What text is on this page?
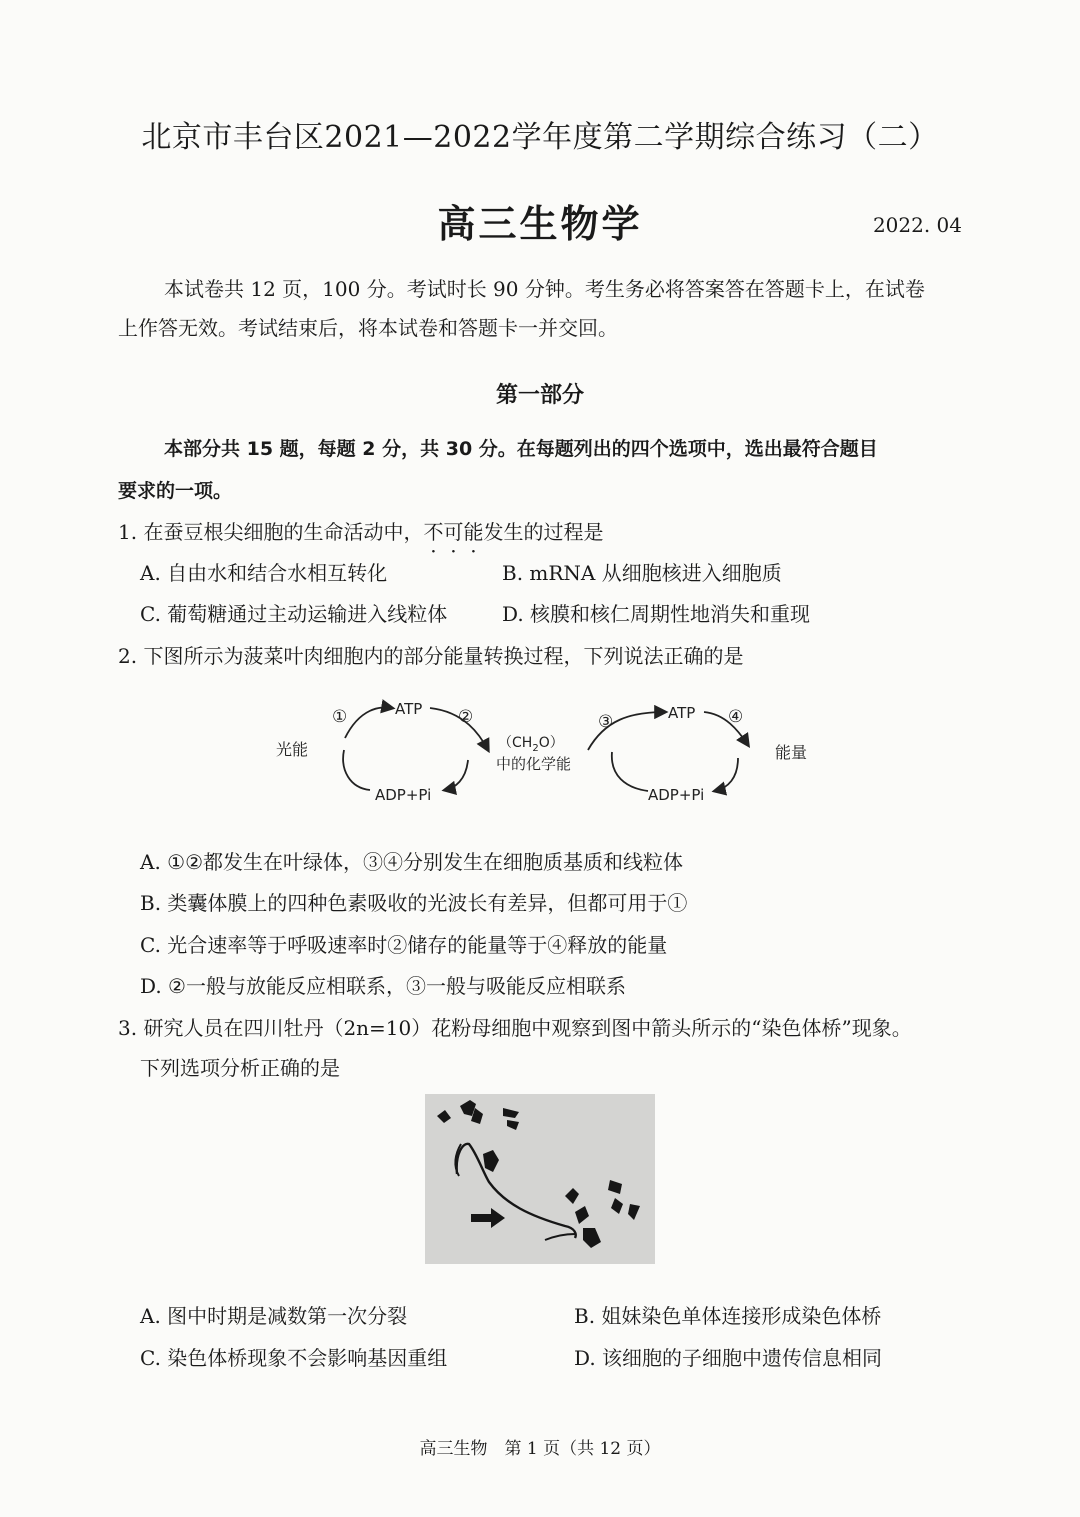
北京市丰台区2021—2022学年度第二学期综合练习（二）
高三生物学	2022. 04
本试卷共 12 页，100 分。考试时长 90 分钟。考生务必将答案答在答题卡上，在试卷
上作答无效。考试结束后，将本试卷和答题卡一并交回。
第一部分
本部分共 15 题，每题 2 分，共 30 分。在每题列出的四个选项中，选出最符合题目
要求的一项。
1. 在蚕豆根尖细胞的生命活动中，不可能发生的过程是
A. 自由水和结合水相互转化	B. mRNA 从细胞核进入细胞质
C. 葡萄糖通过主动运输进入线粒体	D. 核膜和核仁周期性地消失和重现
2. 下图所示为菠菜叶肉细胞内的部分能量转换过程，下列说法正确的是
光能
ATP
ADP+Pi
①	②
$(CH_2O)$
中的化学能
③	ATP ④
ADP+Pi
能量
A. ①②都发生在叶绿体，③④分别发生在细胞质基质和线粒体
B. 类囊体膜上的四种色素吸收的光波长有差异，但都可用于①
C. 光合速率等于呼吸速率时②储存的能量等于④释放的能量
D. ②一般与放能反应相联系，③一般与吸能反应相联系
3. 研究人员在四川牡丹（2n=10）花粉母细胞中观察到图中箭头所示的“染色体桥”现象。
下列选项分析正确的是
A. 图中时期是减数第一次分裂	B. 姐妹染色单体连接形成染色体桥
C. 染色体桥现象不会影响基因重组	D. 该细胞的子细胞中遗传信息相同
高三生物　第 1 页（共 12 页）
